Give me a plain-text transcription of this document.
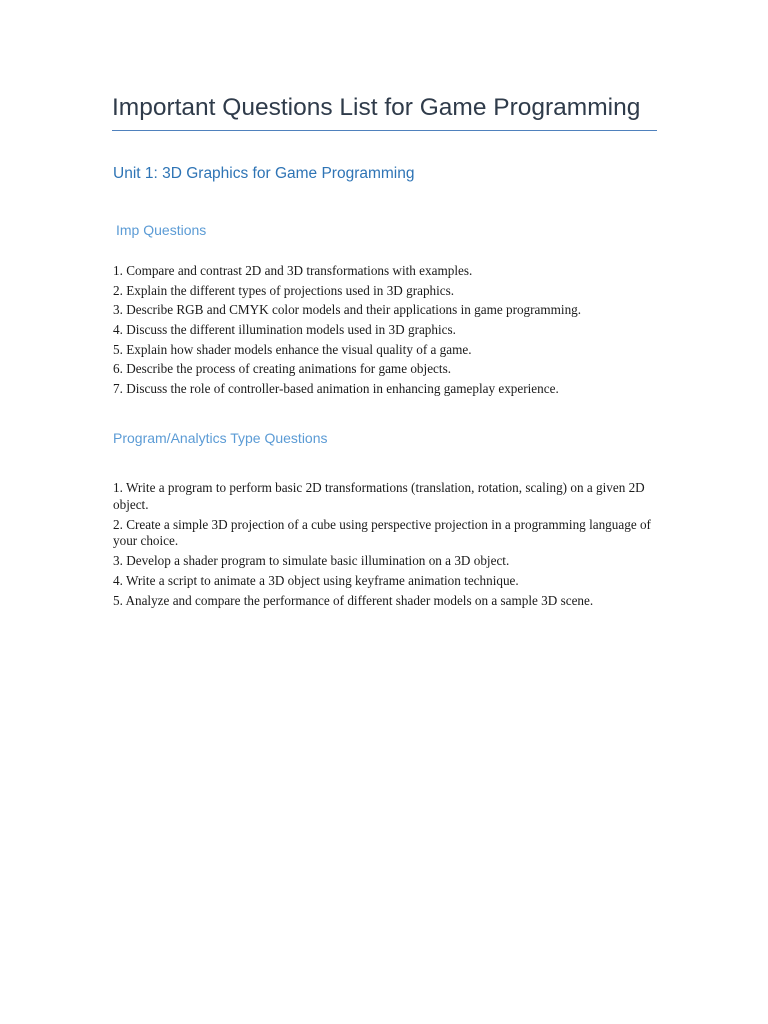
Important Questions List for Game Programming
Unit 1: 3D Graphics for Game Programming
Imp Questions
1. Compare and contrast 2D and 3D transformations with examples.
2. Explain the different types of projections used in 3D graphics.
3. Describe RGB and CMYK color models and their applications in game programming.
4. Discuss the different illumination models used in 3D graphics.
5. Explain how shader models enhance the visual quality of a game.
6. Describe the process of creating animations for game objects.
7. Discuss the role of controller-based animation in enhancing gameplay experience.
Program/Analytics Type Questions
1. Write a program to perform basic 2D transformations (translation, rotation, scaling) on a given 2D object.
2. Create a simple 3D projection of a cube using perspective projection in a programming language of your choice.
3. Develop a shader program to simulate basic illumination on a 3D object.
4. Write a script to animate a 3D object using keyframe animation technique.
5. Analyze and compare the performance of different shader models on a sample 3D scene.
